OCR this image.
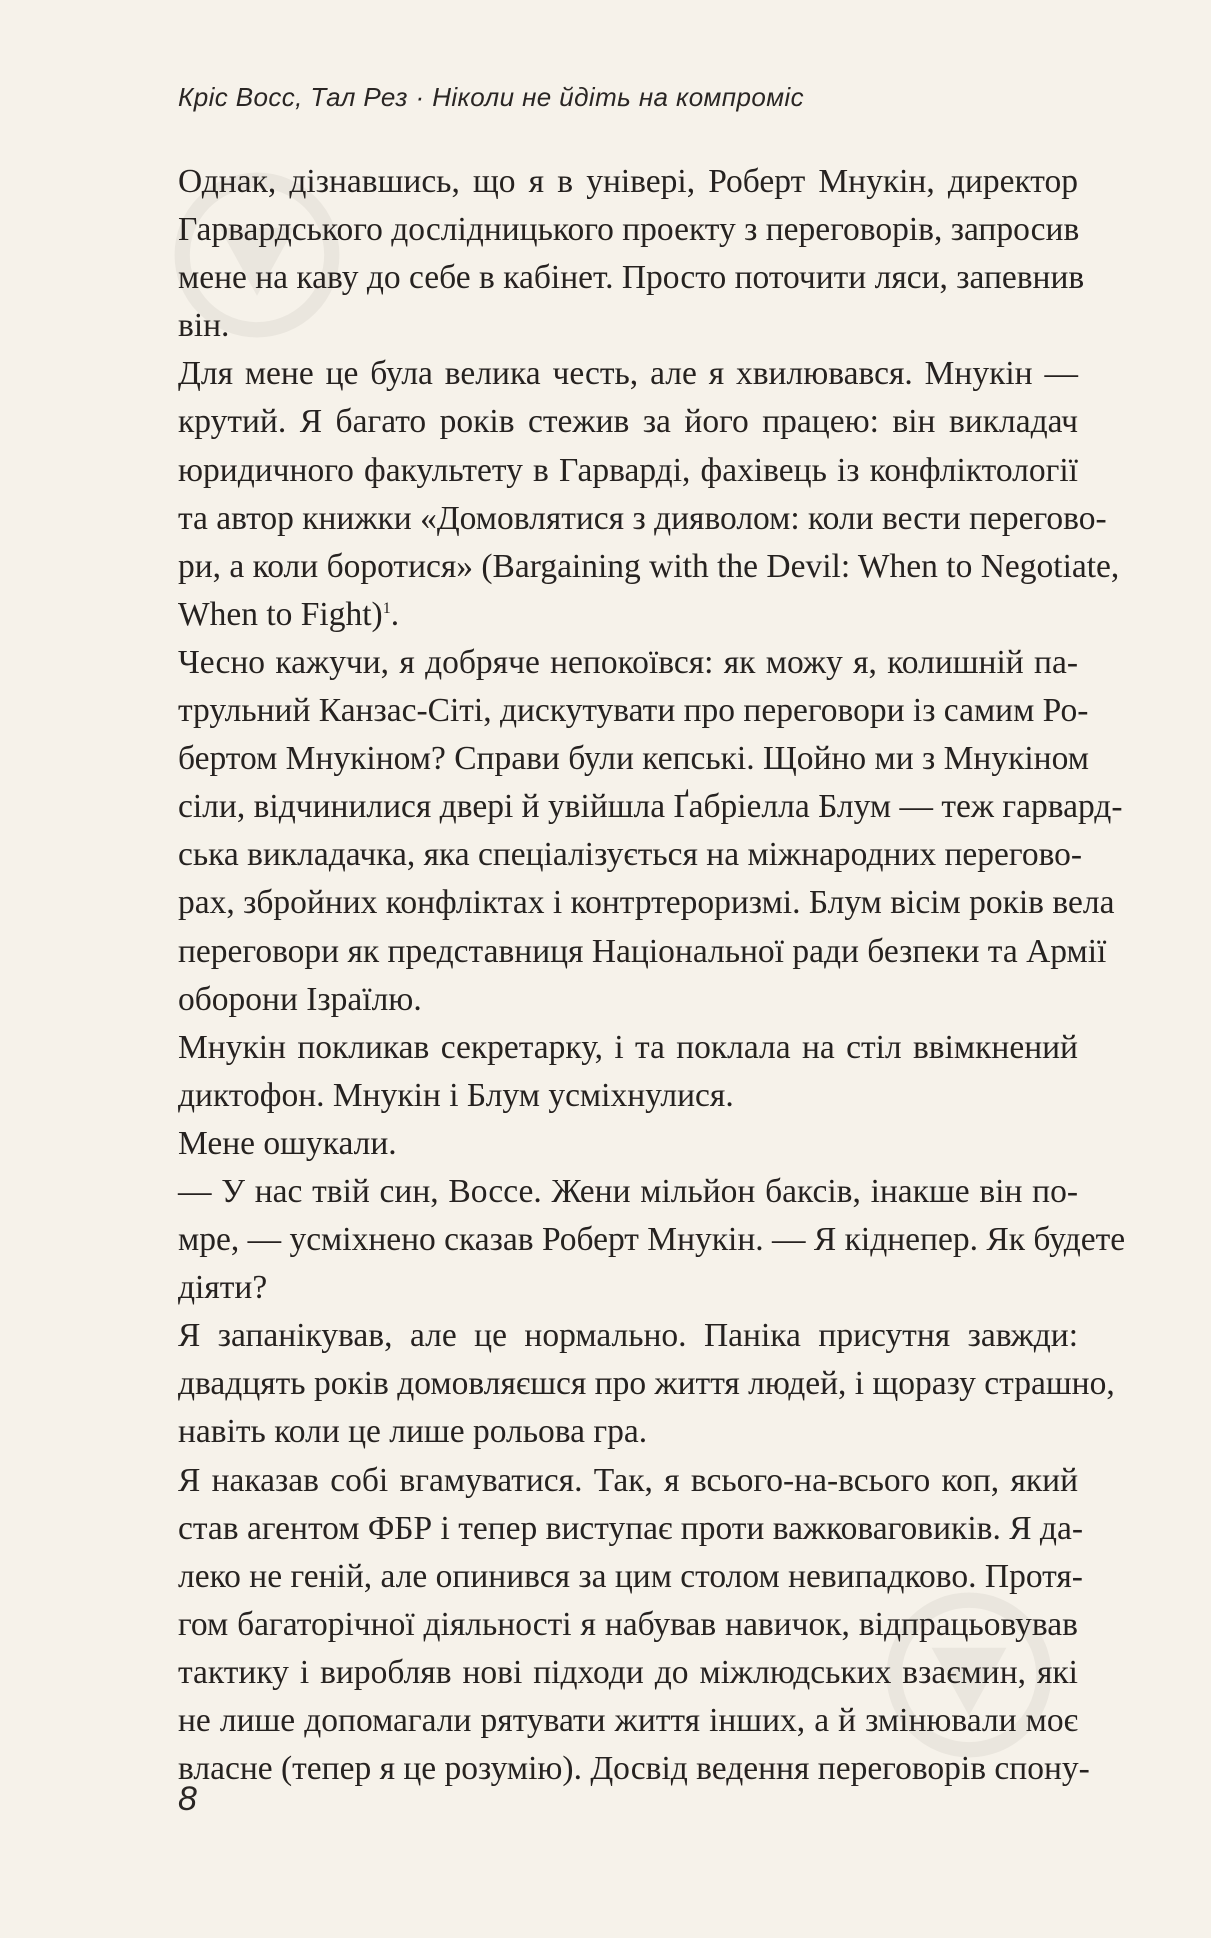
Кріс Восс, Тал Рез · Ніколи не йдіть на компроміс

Однак, дізнавшись, що я в універі, Роберт Мнукін, директор
Гарвардського дослідницького проекту з переговорів, запросив
мене на каву до себе в кабінет. Просто поточити ляси, запевнив
він.

Для мене це була велика честь, але я хвилювався. Мнукін —
крутий. Я багато років стежив за його працею: він викладач
юридичного факультету в Гарварді, фахівець із конфліктології
та автор книжки «Домовлятися з дияволом: коли вести перегово-
ри, а коли боротися» (Bargaining with the Devil: When to Negotiate,
When to Fight)$^1$.

Чесно кажучи, я добряче непокоївся: як можу я, колишній па-
трульний Канзас-Сіті, дискутувати про переговори із самим Ро-
бертом Мнукіном? Справи були кепські. Щойно ми з Мнукіном
сіли, відчинилися двері й увійшла Ґабріелла Блум — теж гарвард-
ська викладачка, яка спеціалізується на міжнародних перегово-
рах, збройних конфліктах і контртероризмі. Блум вісім років вела
переговори як представниця Національної ради безпеки та Армії
оборони Ізраїлю.

Мнукін покликав секретарку, і та поклала на стіл ввімкнений
диктофон. Мнукін і Блум усміхнулися.

Мене ошукали.

— У нас твій син, Воссе. Жени мільйон баксів, інакше він по-
мре, — усміхнено сказав Роберт Мнукін. — Я кіднепер. Як будете
діяти?

Я запанікував, але це нормально. Паніка присутня завжди:
двадцять років домовляєшся про життя людей, і щоразу страшно,
навіть коли це лише рольова гра.

Я наказав собі вгамуватися. Так, я всього-на-всього коп, який
став агентом ФБР і тепер виступає проти важковаговиків. Я да-
леко не геній, але опинився за цим столом невипадково. Протя-
гом багаторічної діяльності я набував навичок, відпрацьовував
тактику і виробляв нові підходи до міжлюдських взаємин, які
не лише допомагали рятувати життя інших, а й змінювали моє
власне (тепер я це розумію). Досвід ведення переговорів спону-

8
